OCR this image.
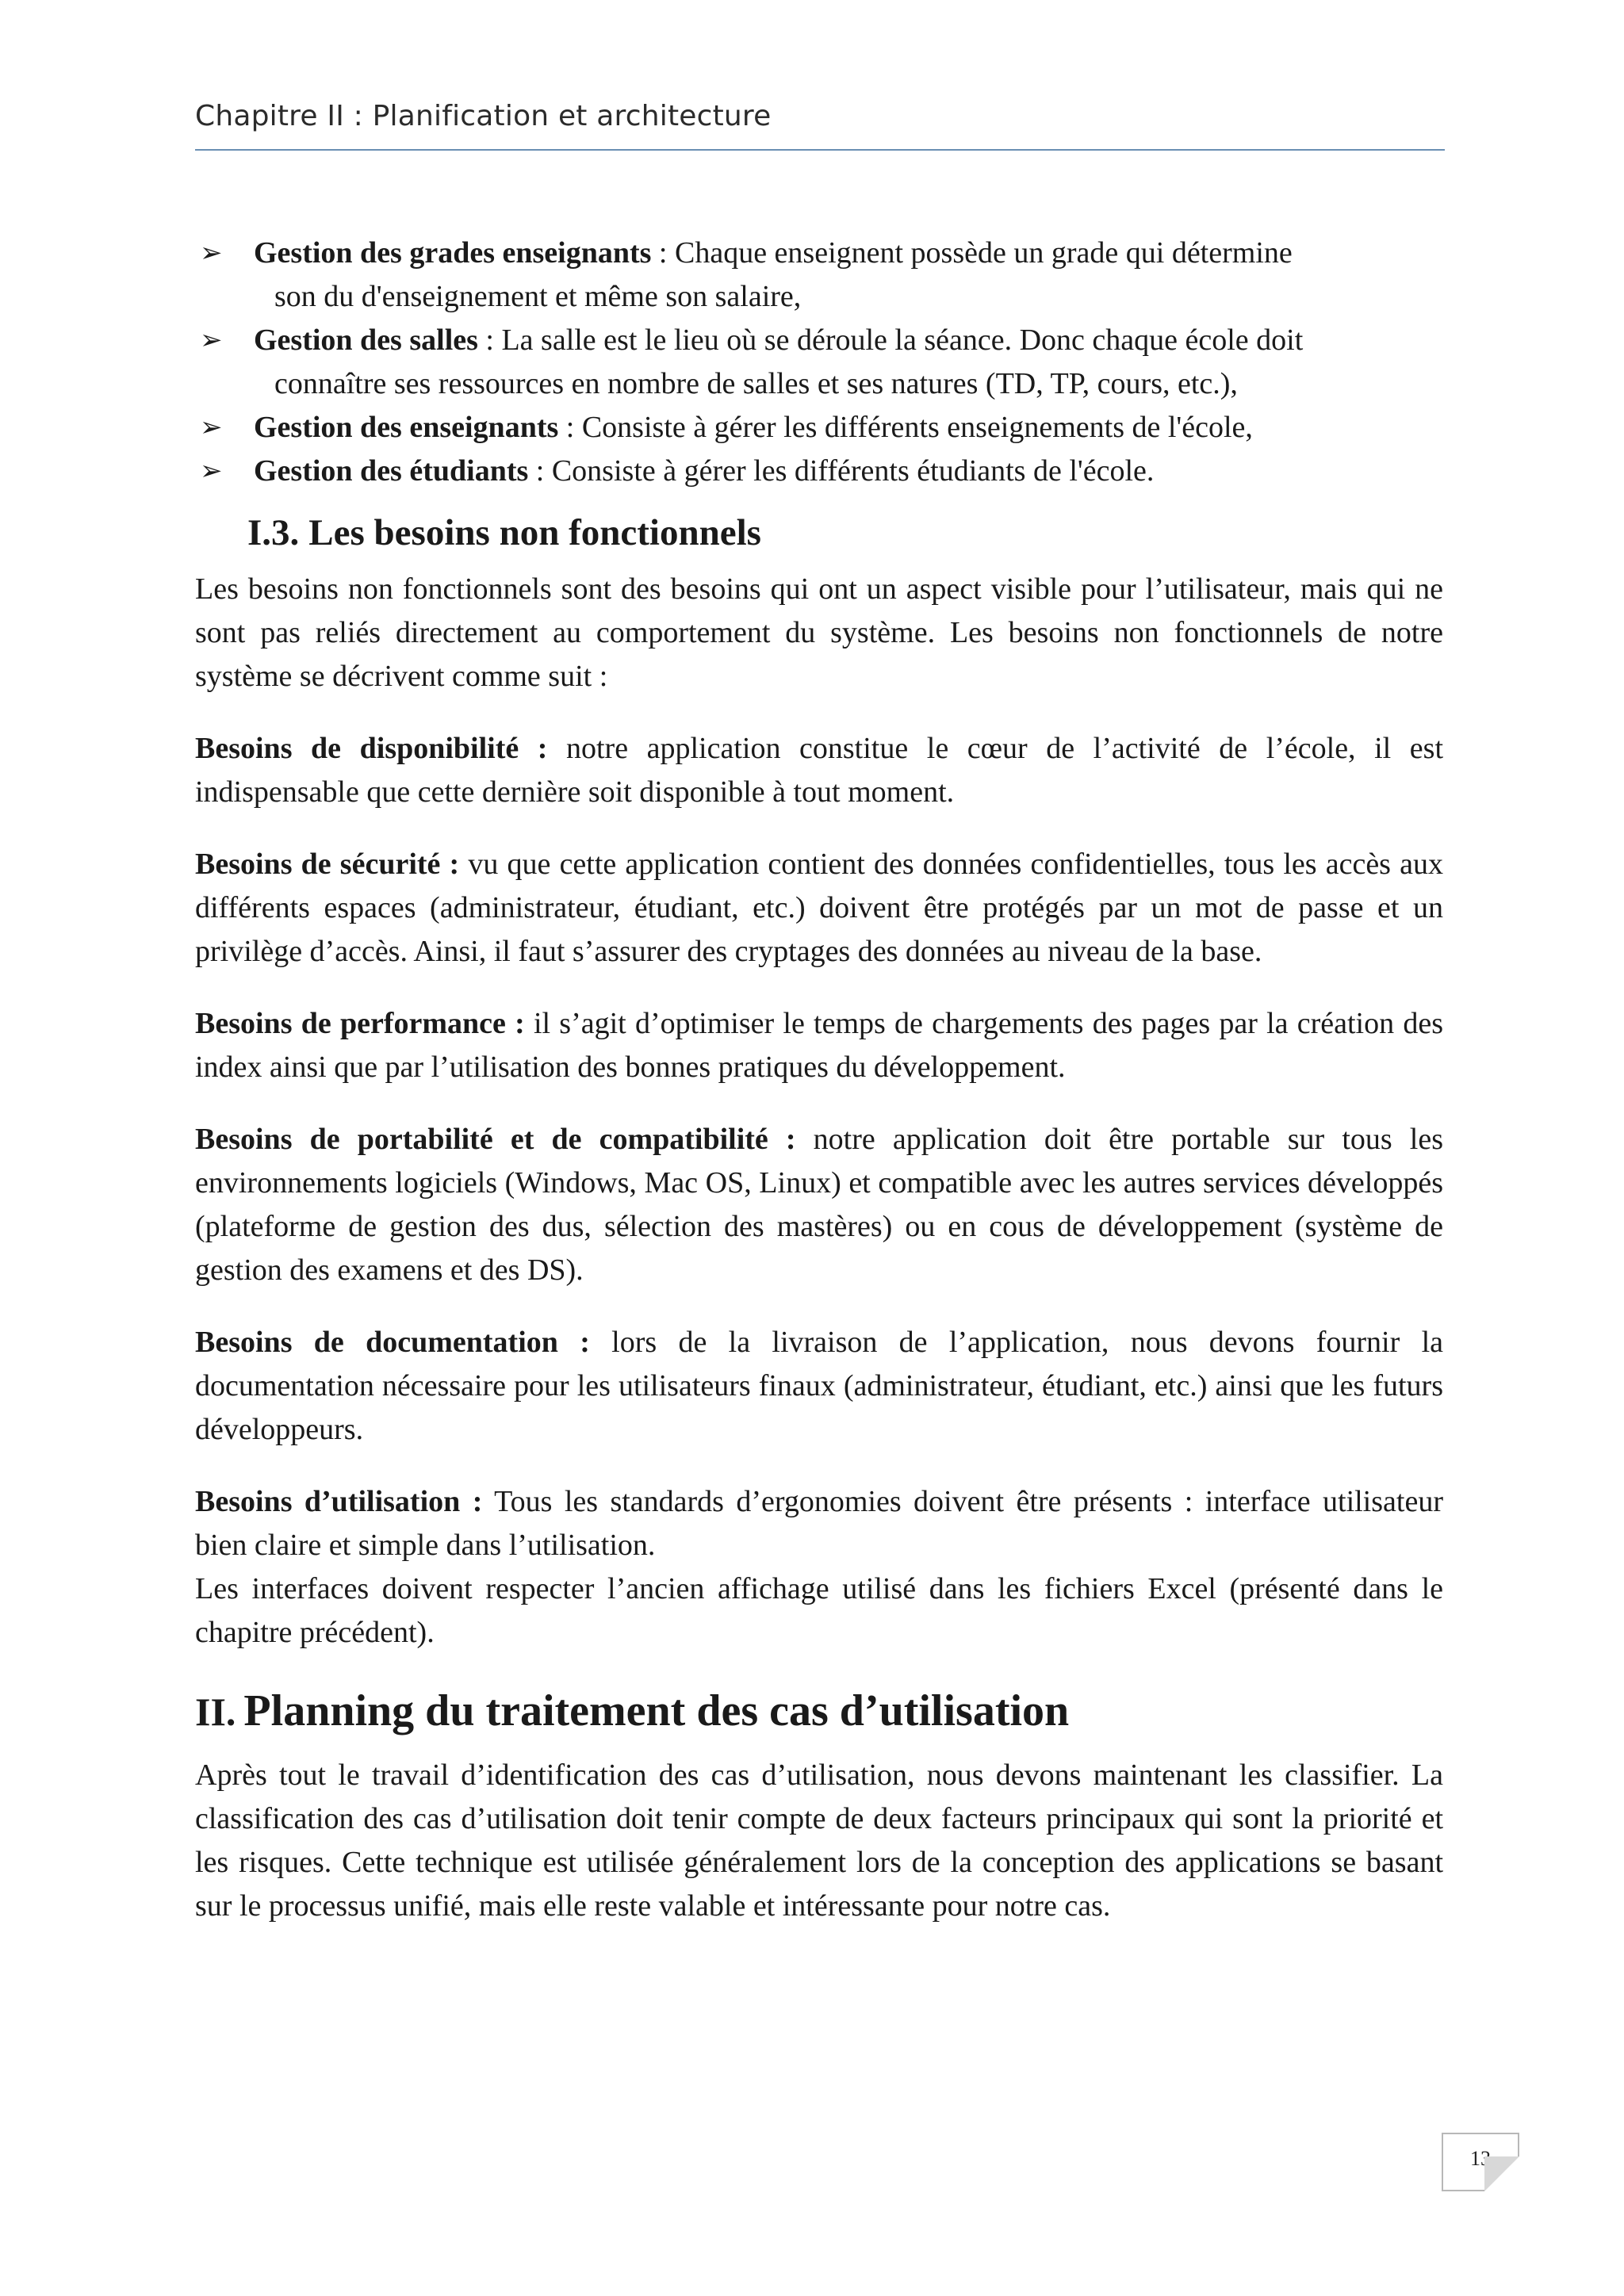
Chapitre II : Planification et architecture
➢ Gestion des grades enseignants : Chaque enseignent possède un grade qui détermine
son du d'enseignement et même son salaire,
➢ Gestion des salles : La salle est le lieu où se déroule la séance. Donc chaque école doit
connaître ses ressources en nombre de salles et ses natures (TD, TP, cours, etc.),
➢ Gestion des enseignants : Consiste à gérer les différents enseignements de l'école,
➢ Gestion des étudiants : Consiste à gérer les différents étudiants de l'école.
I.3. Les besoins non fonctionnels

Les besoins non fonctionnels sont des besoins qui ont un aspect visible pour l’utilisateur, mais qui ne sont pas reliés directement au comportement du système. Les besoins non fonctionnels de notre système se décrivent comme suit :

Besoins de disponibilité : notre application constitue le cœur de l’activité de l’école, il est indispensable que cette dernière soit disponible à tout moment.

Besoins de sécurité : vu que cette application contient des données confidentielles, tous les accès aux différents espaces (administrateur, étudiant, etc.) doivent être protégés par un mot de passe et un privilège d’accès. Ainsi, il faut s’assurer des cryptages des données au niveau de la base.

Besoins de performance : il s’agit d’optimiser le temps de chargements des pages par la création des index ainsi que par l’utilisation des bonnes pratiques du développement.

Besoins de portabilité et de compatibilité : notre application doit être portable sur tous les environnements logiciels (Windows, Mac OS, Linux) et compatible avec les autres services développés (plateforme de gestion des dus, sélection des mastères) ou en cous de développement (système de gestion des examens et des DS).

Besoins de documentation : lors de la livraison de l’application, nous devons fournir la documentation nécessaire pour les utilisateurs finaux (administrateur, étudiant, etc.) ainsi que les futurs développeurs.

Besoins d’utilisation : Tous les standards d’ergonomies doivent être présents : interface utilisateur bien claire et simple dans l’utilisation.

Les interfaces doivent respecter l’ancien affichage utilisé dans les fichiers Excel (présenté dans le chapitre précédent).

II. Planning du traitement des cas d’utilisation

Après tout le travail d’identification des cas d’utilisation, nous devons maintenant les classifier. La classification des cas d’utilisation doit tenir compte de deux facteurs principaux qui sont la priorité et les risques. Cette technique est utilisée généralement lors de la conception des applications se basant sur le processus unifié, mais elle reste valable et intéressante pour notre cas.

13
